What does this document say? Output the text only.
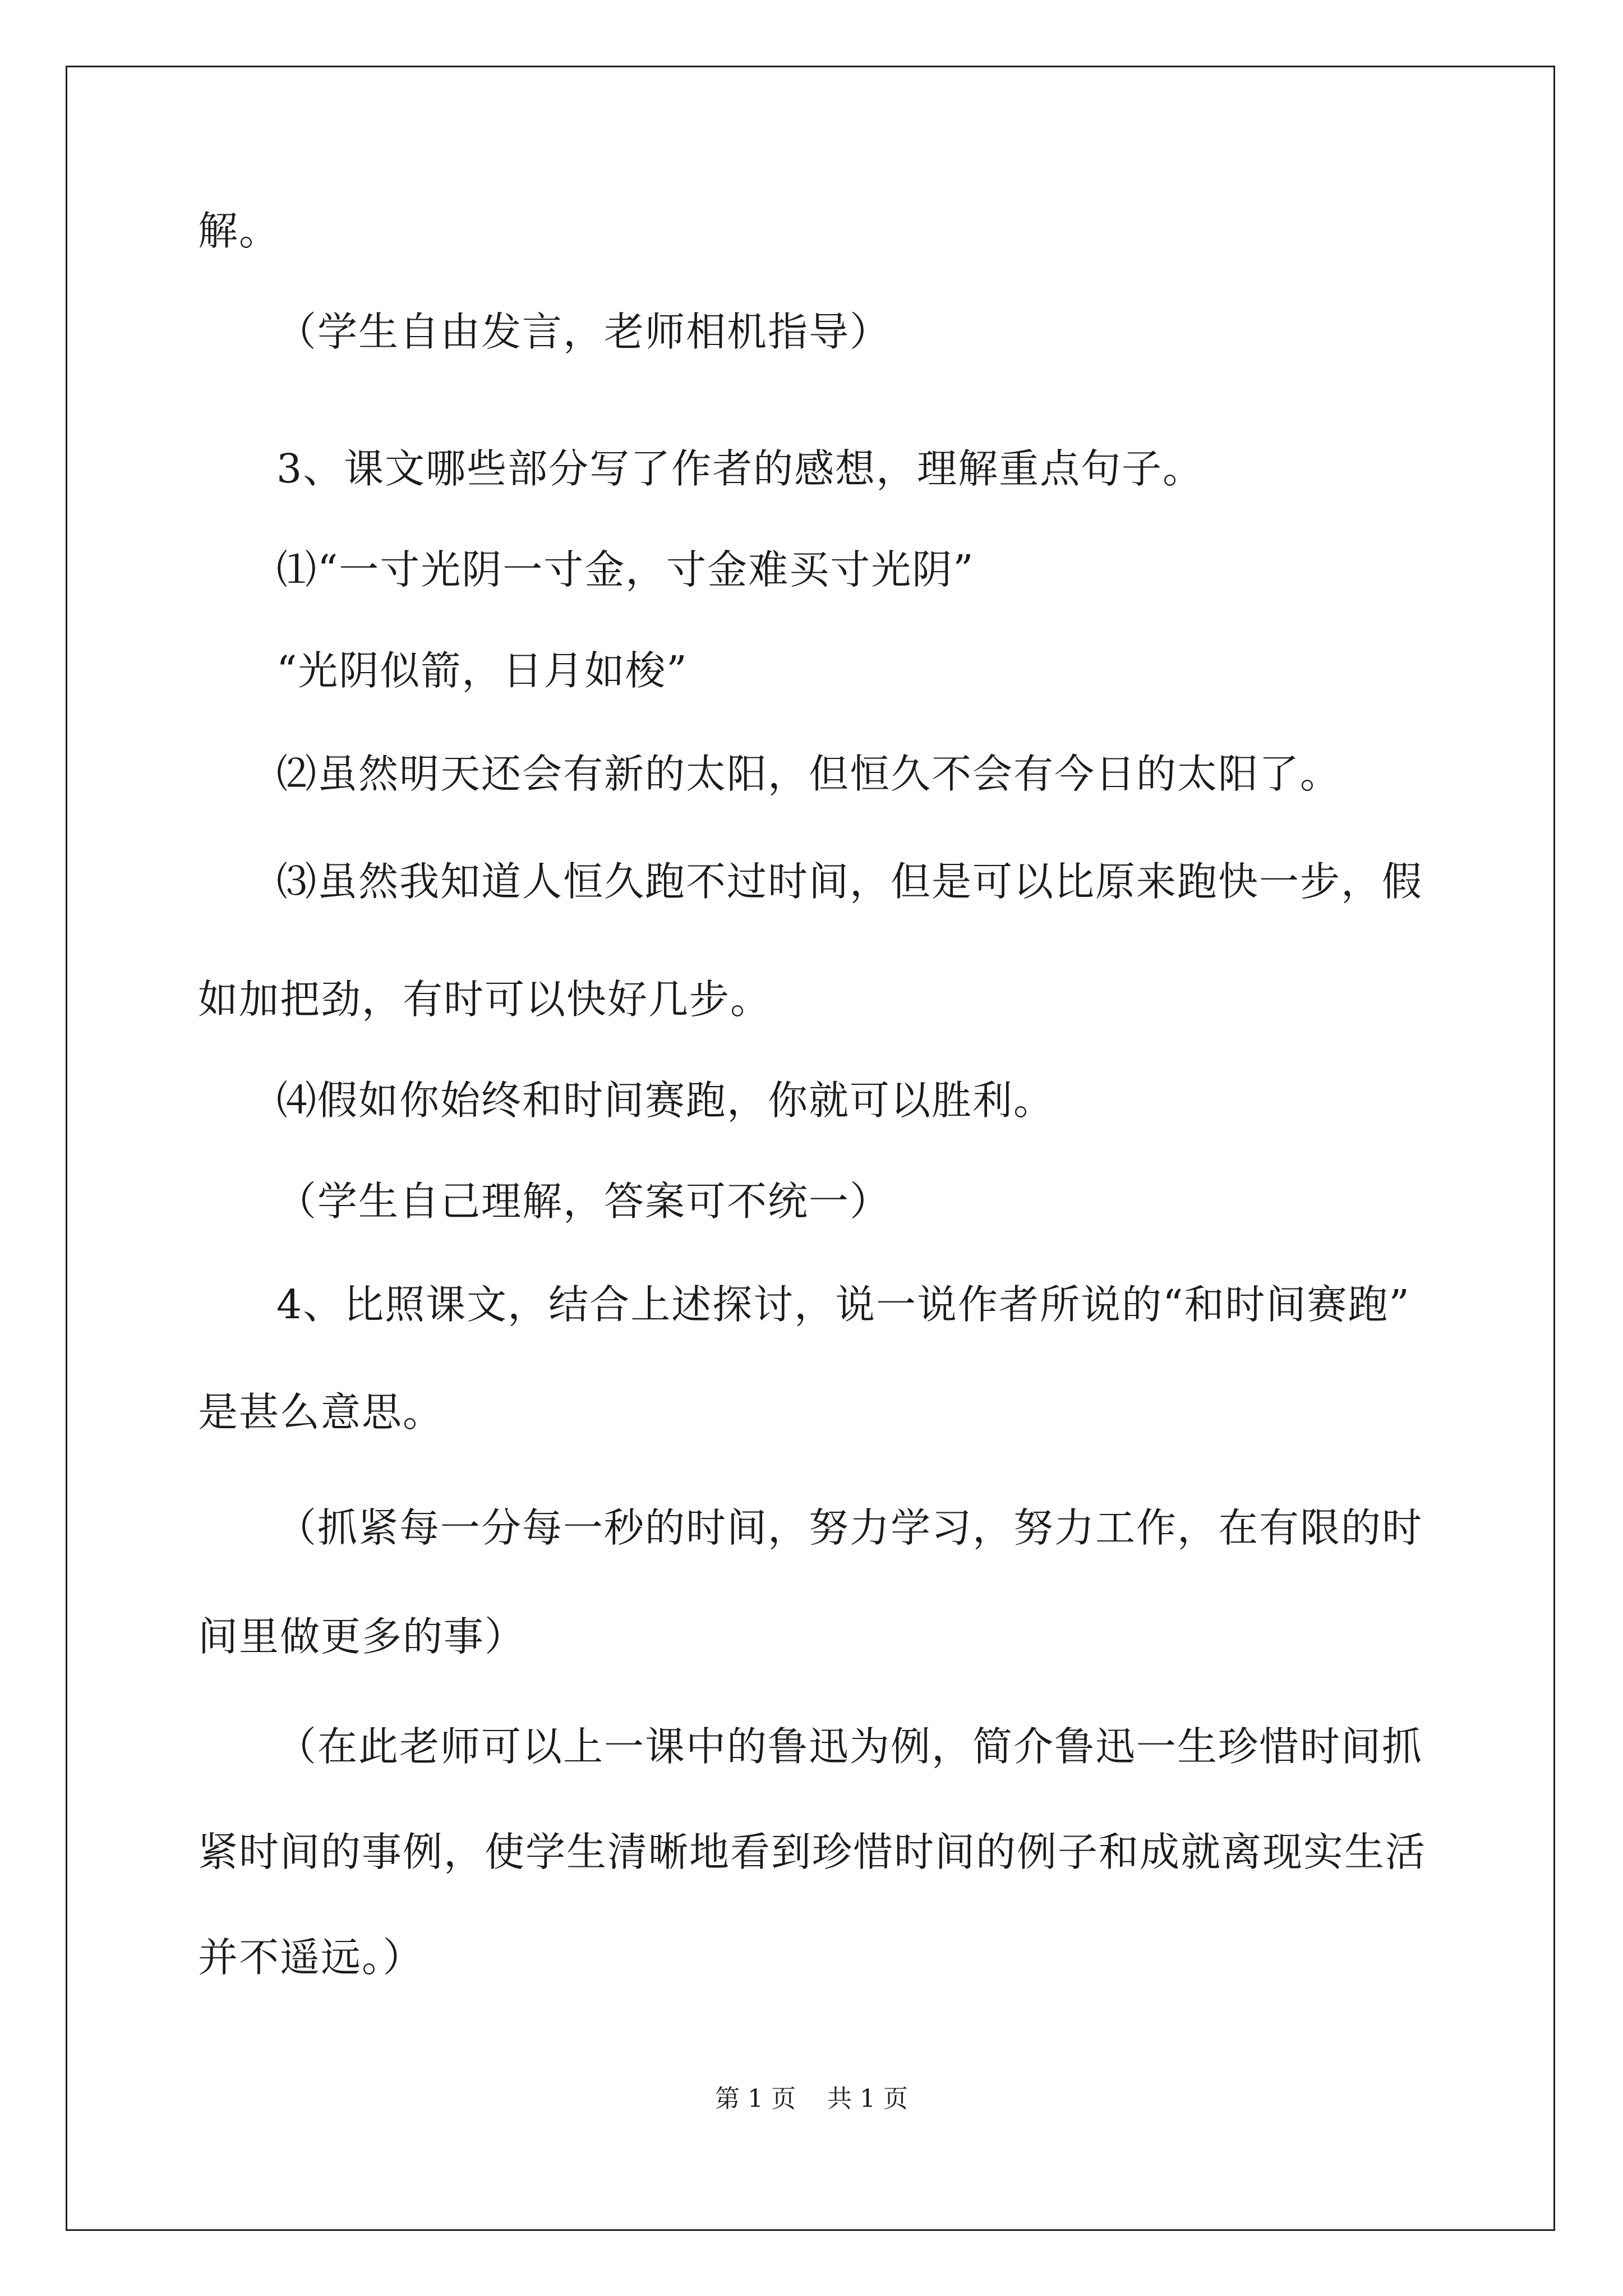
解。
（学生自由发言，老师相机指导）
3、课文哪些部分写了作者的感想，理解重点句子。
⑴“一寸光阴一寸金，寸金难买寸光阴”
“光阴似箭，日月如梭”
⑵虽然明天还会有新的太阳，但恒久不会有今日的太阳了。
⑶虽然我知道人恒久跑不过时间，但是可以比原来跑快一步，假
如加把劲，有时可以快好几步。
⑷假如你始终和时间赛跑，你就可以胜利。
（学生自己理解，答案可不统一）
4、比照课文，结合上述探讨，说一说作者所说的“和时间赛跑”
是甚么意思。
（抓紧每一分每一秒的时间，努力学习，努力工作，在有限的时
间里做更多的事）
（在此老师可以上一课中的鲁迅为例，简介鲁迅一生珍惜时间抓
紧时间的事例，使学生清晰地看到珍惜时间的例子和成就离现实生活
并不遥远。）
第 1 页    共 1 页
